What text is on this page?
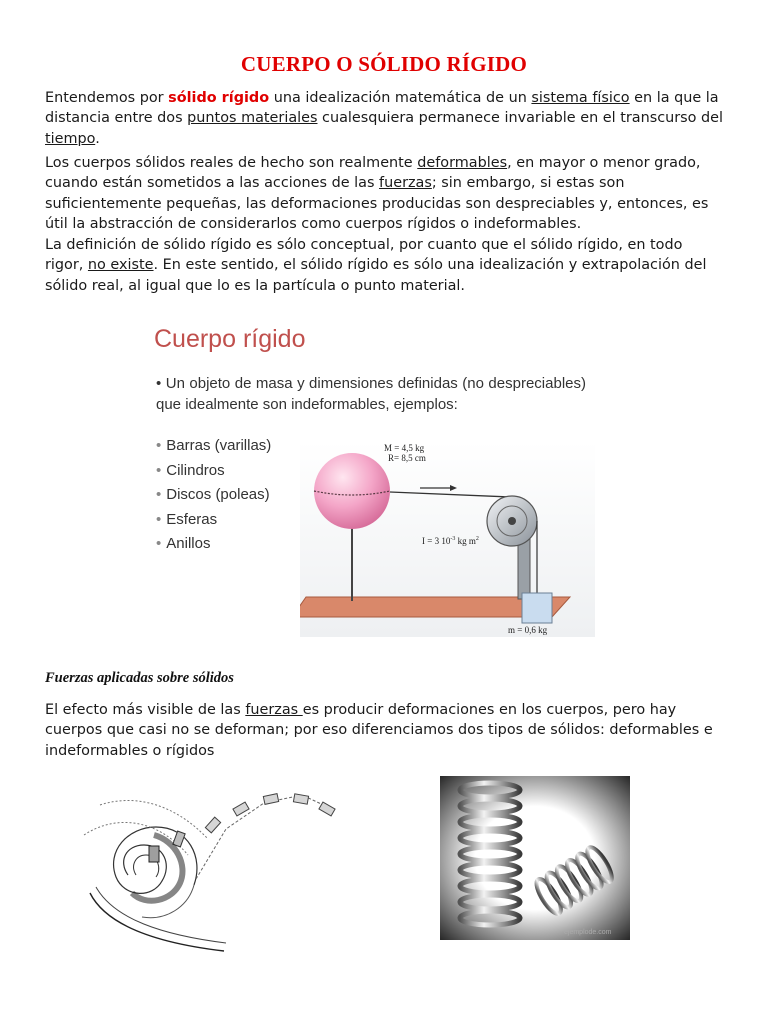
CUERPO O SÓLIDO RÍGIDO

Entendemos por sólido rígido una idealización matemática de un sistema físico en la que la distancia entre dos puntos materiales cualesquiera permanece invariable en el transcurso del tiempo.

Los cuerpos sólidos reales de hecho son realmente deformables, en mayor o menor grado, cuando están sometidos a las acciones de las fuerzas; sin embargo, si estas son suficientemente pequeñas, las deformaciones producidas son despreciables y, entonces, es útil la abstracción de considerarlos como cuerpos rígidos o indeformables.

La definición de sólido rígido es sólo conceptual, por cuanto que el sólido rígido, en todo rigor, no existe. En este sentido, el sólido rígido es sólo una idealización y extrapolación del sólido real, al igual que lo es la partícula o punto material.

Cuerpo rígido
• Un objeto de masa y dimensiones definidas (no despreciables) que idealmente son indeformables, ejemplos:
• Barras (varillas)
• Cilindros
• Discos (poleas)
• Esferas
• Anillos
M = 4,5 kg
R= 8,5 cm
I = 3 $10^{-3}$ kg $m^2$
m = 0,6 kg
Fuerzas aplicadas sobre sólidos

El efecto más visible de las fuerzas es producir deformaciones en los cuerpos, pero hay cuerpos que casi no se deforman; por eso diferenciamos dos tipos de sólidos: deformables e indeformables o rígidos

ejemplode.com
